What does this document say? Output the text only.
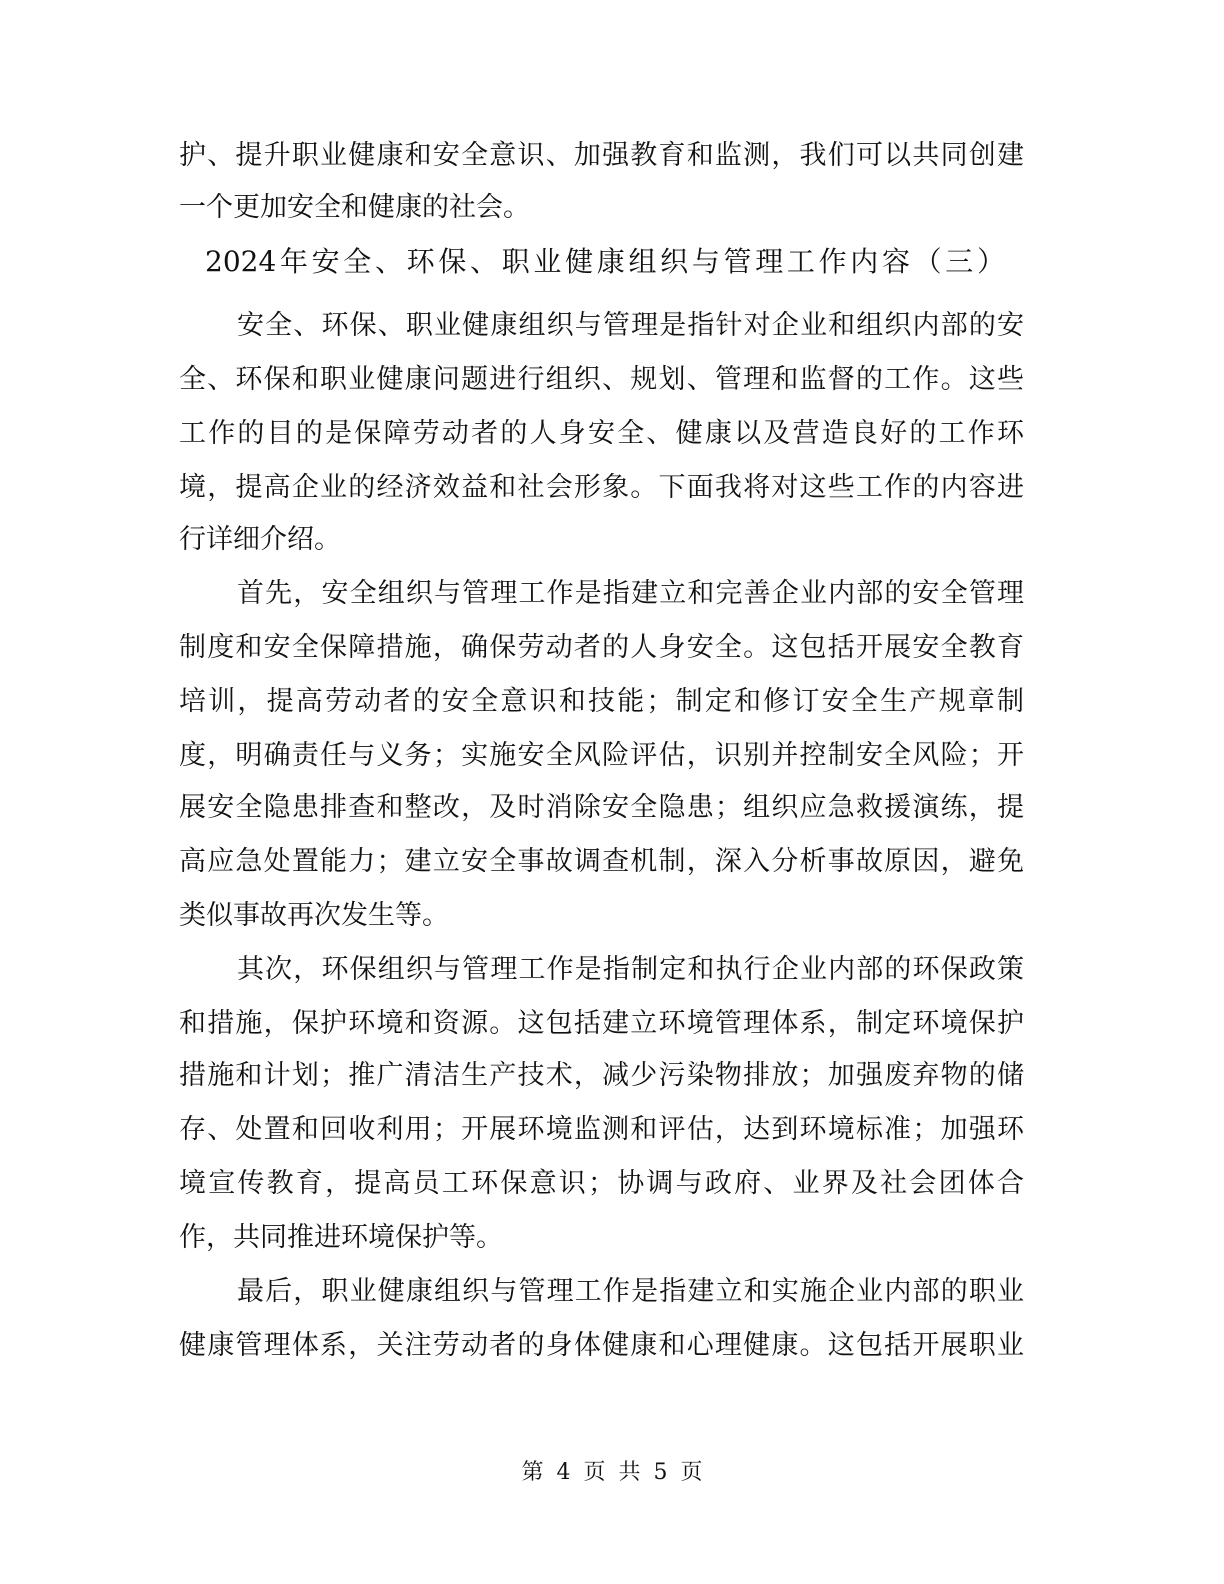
护、提升职业健康和安全意识、加强教育和监测，我们可以共同创建
一个更加安全和健康的社会。
2024年安全、环保、职业健康组织与管理工作内容（三）
安全、环保、职业健康组织与管理是指针对企业和组织内部的安
全、环保和职业健康问题进行组织、规划、管理和监督的工作。这些
工作的目的是保障劳动者的人身安全、健康以及营造良好的工作环
境，提高企业的经济效益和社会形象。下面我将对这些工作的内容进
行详细介绍。
首先，安全组织与管理工作是指建立和完善企业内部的安全管理
制度和安全保障措施，确保劳动者的人身安全。这包括开展安全教育
培训，提高劳动者的安全意识和技能；制定和修订安全生产规章制
度，明确责任与义务；实施安全风险评估，识别并控制安全风险；开
展安全隐患排查和整改，及时消除安全隐患；组织应急救援演练，提
高应急处置能力；建立安全事故调查机制，深入分析事故原因，避免
类似事故再次发生等。
其次，环保组织与管理工作是指制定和执行企业内部的环保政策
和措施，保护环境和资源。这包括建立环境管理体系，制定环境保护
措施和计划；推广清洁生产技术，减少污染物排放；加强废弃物的储
存、处置和回收利用；开展环境监测和评估，达到环境标准；加强环
境宣传教育，提高员工环保意识；协调与政府、业界及社会团体合
作，共同推进环境保护等。
最后，职业健康组织与管理工作是指建立和实施企业内部的职业
健康管理体系，关注劳动者的身体健康和心理健康。这包括开展职业
第 4 页 共 5 页
